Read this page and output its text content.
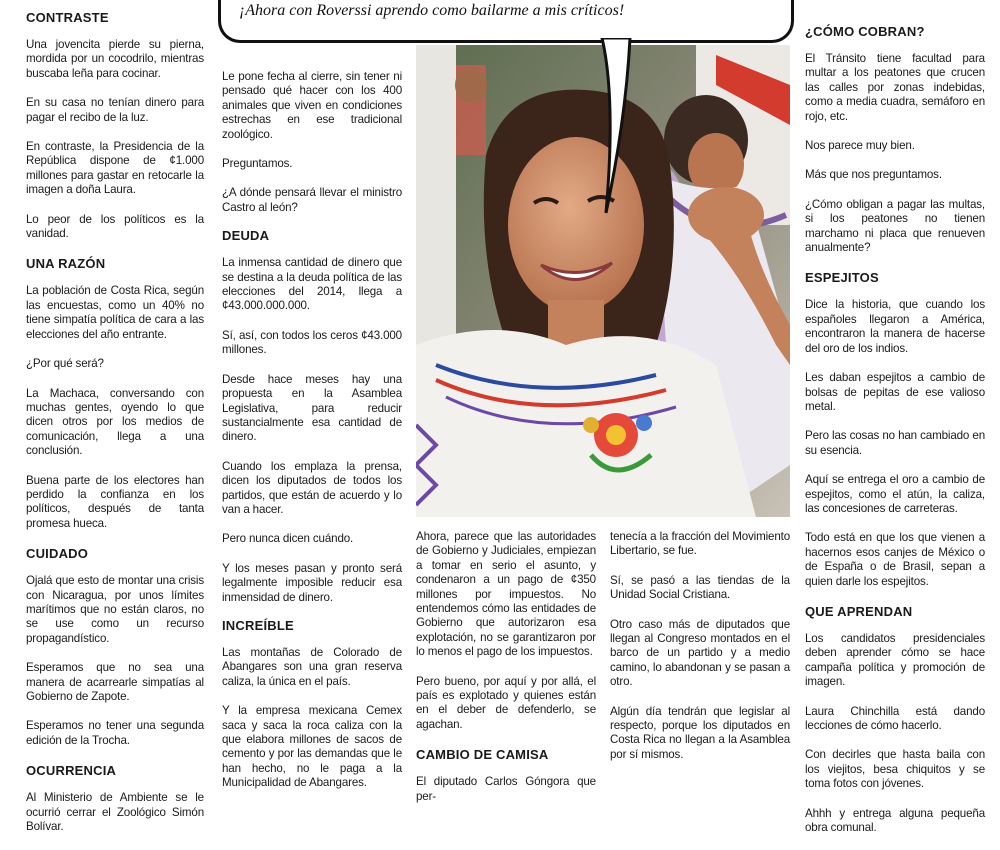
¡Ahora con Roverssi aprendo como bailarme a mis críticos!
CONTRASTE

Una jovencita pierde su pierna, mordida por un cocodrilo, mientras buscaba leña para cocinar.

En su casa no tenían dinero para pagar el recibo de la luz.

En contraste, la Presidencia de la República dispone de ¢1.000 millones para gastar en retocarle la imagen a doña Laura.

Lo peor de los políticos es la vanidad.

UNA RAZÓN

La población de Costa Rica, según las encuestas, como un 40% no tiene simpatía política de cara a las elecciones del año entrante.

¿Por qué será?

La Machaca, conversando con muchas gentes, oyendo lo que dicen otros por los medios de comunicación, llega a una conclusión.

Buena parte de los electores han perdido la confianza en los políticos, después de tanta promesa hueca.

CUIDADO

Ojalá que esto de montar una crisis con Nicaragua, por unos límites marítimos que no están claros, no se use como un recurso propagandístico.

Esperamos que no sea una manera de acarrearle simpatías al Gobierno de Zapote.

Esperamos no tener una segunda edición de la Trocha.

OCURRENCIA

Al Ministerio de Ambiente se le ocurrió cerrar el Zoológico Simón Bolívar.

Le pone fecha al cierre, sin tener ni pensado qué hacer con los 400 animales que viven en condiciones estrechas en ese tradicional zoológico.

Preguntamos.

¿A dónde pensará llevar el ministro Castro al león?

DEUDA

La inmensa cantidad de dinero que se destina a la deuda política de las elecciones del 2014, llega a ¢43.000.000.000.

Sí, así, con todos los ceros ¢43.000 millones.

Desde hace meses hay una propuesta en la Asamblea Legislativa, para reducir sustancialmente esa cantidad de dinero.

Cuando los emplaza la prensa, dicen los diputados de todos los partidos, que están de acuerdo y lo van a hacer.

Pero nunca dicen cuándo.

Y los meses pasan y pronto será legalmente imposible reducir esa inmensidad de dinero.

INCREÍBLE

Las montañas de Colorado de Abangares son una gran reserva caliza, la única en el país.

Y la empresa mexicana Cemex saca y saca la roca caliza con la que elabora millones de sacos de cemento y por las demandas que le han hecho, no le paga a la Municipalidad de Abangares.

Ahora, parece que las autoridades de Gobierno y Judiciales, empiezan a tomar en serio el asunto, y condenaron a un pago de ¢350 millones por impuestos. No entendemos cómo las entidades de Gobierno que autorizaron esa explotación, no se garantizaron por lo menos el pago de los impuestos.

Pero bueno, por aquí y por allá, el país es explotado y quienes están en el deber de defenderlo, se agachan.

CAMBIO DE CAMISA

El diputado Carlos Góngora que per-

tenecía a la fracción del Movimiento Libertario, se fue.

Sí, se pasó a las tiendas de la Unidad Social Cristiana.

Otro caso más de diputados que llegan al Congreso montados en el barco de un partido y a medio camino, lo abandonan y se pasan a otro.

Algún día tendrán que legislar al respecto, porque los diputados en Costa Rica no llegan a la Asamblea por sí mismos.

¿CÓMO COBRAN?

El Tránsito tiene facultad para multar a los peatones que crucen las calles por zonas indebidas, como a media cuadra, semáforo en rojo, etc.

Nos parece muy bien.

Más que nos preguntamos.

¿Cómo obligan a pagar las multas, si los peatones no tienen marchamo ni placa que renueven anualmente?

ESPEJITOS

Dice la historia, que cuando los españoles llegaron a América, encontraron la manera de hacerse del oro de los indios.

Les daban espejitos a cambio de bolsas de pepitas de ese valioso metal.

Pero las cosas no han cambiado en su esencia.

Aquí se entrega el oro a cambio de espejitos, como el atún, la caliza, las concesiones de carreteras.

Todo está en que los que vienen a hacernos esos canjes de México o de España o de Brasil, sepan a quien darle los espejitos.

QUE APRENDAN

Los candidatos presidenciales deben aprender cómo se hace campaña política y promoción de imagen.

Laura Chinchilla está dando lecciones de cómo hacerlo.

Con decirles que hasta baila con los viejitos, besa chiquitos y se toma fotos con jóvenes.

Ahhh y entrega alguna pequeña obra comunal.
